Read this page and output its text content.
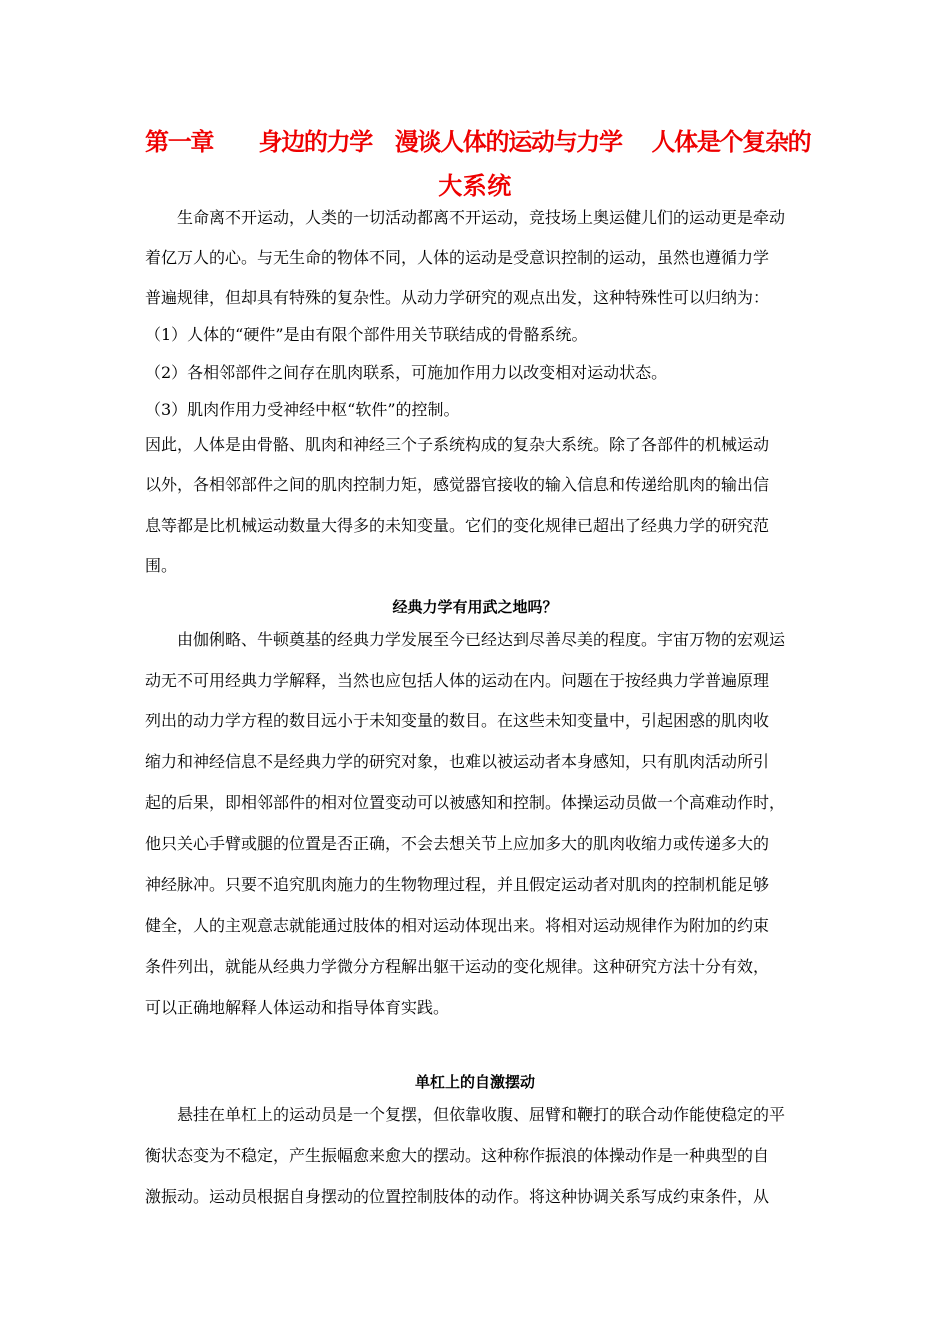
第一章　　身边的力学　漫谈人体的运动与力学　 人体是个复杂的
大系统
　　生命离不开运动，人类的一切活动都离不开运动，竞技场上奥运健儿们的运动更是牵动
着亿万人的心。与无生命的物体不同，人体的运动是受意识控制的运动，虽然也遵循力学
普遍规律，但却具有特殊的复杂性。从动力学研究的观点出发，这种特殊性可以归纳为：
（1）人体的“硬件”是由有限个部件用关节联结成的骨骼系统。
（2）各相邻部件之间存在肌肉联系，可施加作用力以改变相对运动状态。
（3）肌肉作用力受神经中枢“软件”的控制。
因此，人体是由骨骼、肌肉和神经三个子系统构成的复杂大系统。除了各部件的机械运动
以外，各相邻部件之间的肌肉控制力矩，感觉器官接收的输入信息和传递给肌肉的输出信
息等都是比机械运动数量大得多的未知变量。它们的变化规律已超出了经典力学的研究范
围。
经典力学有用武之地吗？
　　由伽俐略、牛顿奠基的经典力学发展至今已经达到尽善尽美的程度。宇宙万物的宏观运
动无不可用经典力学解释，当然也应包括人体的运动在内。问题在于按经典力学普遍原理
列出的动力学方程的数目远小于未知变量的数目。在这些未知变量中，引起困惑的肌肉收
缩力和神经信息不是经典力学的研究对象，也难以被运动者本身感知，只有肌肉活动所引
起的后果，即相邻部件的相对位置变动可以被感知和控制。体操运动员做一个高难动作时，
他只关心手臂或腿的位置是否正确，不会去想关节上应加多大的肌肉收缩力或传递多大的
神经脉冲。只要不追究肌肉施力的生物物理过程，并且假定运动者对肌肉的控制机能足够
健全，人的主观意志就能通过肢体的相对运动体现出来。将相对运动规律作为附加的约束
条件列出，就能从经典力学微分方程解出躯干运动的变化规律。这种研究方法十分有效，
可以正确地解释人体运动和指导体育实践。
单杠上的自激摆动
　　悬挂在单杠上的运动员是一个复摆，但依靠收腹、屈臂和鞭打的联合动作能使稳定的平
衡状态变为不稳定，产生振幅愈来愈大的摆动。这种称作振浪的体操动作是一种典型的自
激振动。运动员根据自身摆动的位置控制肢体的动作。将这种协调关系写成约束条件，从
